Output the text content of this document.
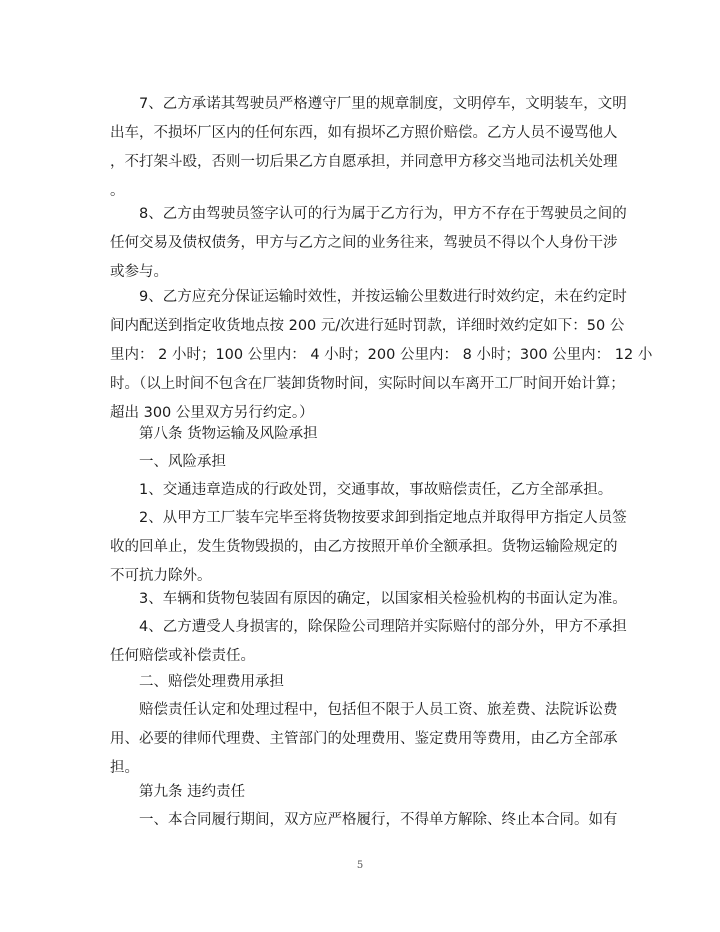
7、乙方承诺其驾驶员严格遵守厂里的规章制度，文明停车，文明装车，文明
出车，不损坏厂区内的任何东西，如有损坏乙方照价赔偿。乙方人员不谩骂他人
，不打架斗殴，否则一切后果乙方自愿承担，并同意甲方移交当地司法机关处理
。
8、乙方由驾驶员签字认可的行为属于乙方行为，甲方不存在于驾驶员之间的
任何交易及债权债务，甲方与乙方之间的业务往来，驾驶员不得以个人身份干涉
或参与。
9、乙方应充分保证运输时效性，并按运输公里数进行时效约定，未在约定时
间内配送到指定收货地点按 200 元/次进行延时罚款，详细时效约定如下：50 公
里内： 2 小时；100 公里内： 4 小时；200 公里内： 8 小时；300 公里内： 12 小
时。（以上时间不包含在厂装卸货物时间，实际时间以车离开工厂时间开始计算；
超出 300 公里双方另行约定。）
第八条 货物运输及风险承担
一、风险承担
1、交通违章造成的行政处罚，交通事故，事故赔偿责任，乙方全部承担。
2、从甲方工厂装车完毕至将货物按要求卸到指定地点并取得甲方指定人员签
收的回单止，发生货物毁损的，由乙方按照开单价全额承担。货物运输险规定的
不可抗力除外。
3、车辆和货物包装固有原因的确定，以国家相关检验机构的书面认定为准。
4、乙方遭受人身损害的，除保险公司理陪并实际赔付的部分外，甲方不承担
任何赔偿或补偿责任。
二、赔偿处理费用承担
赔偿责任认定和处理过程中，包括但不限于人员工资、旅差费、法院诉讼费
用、必要的律师代理费、主管部门的处理费用、鉴定费用等费用，由乙方全部承
担。
第九条 违约责任
一、本合同履行期间，双方应严格履行，不得单方解除、终止本合同。如有
5
